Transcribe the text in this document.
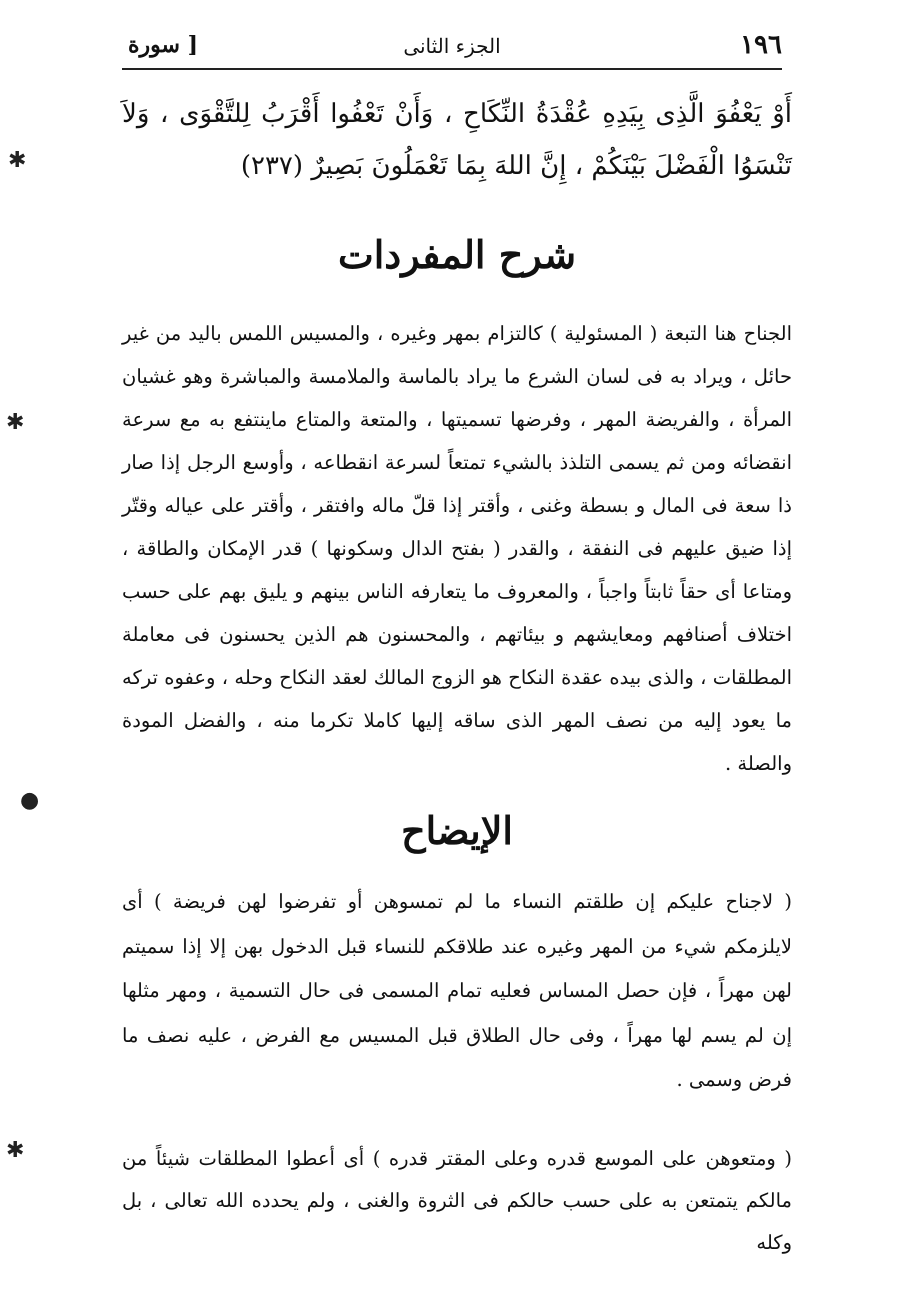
١٩٦
الجزء الثانى
[ سورة
أَوْ يَعْفُوَ الَّذِى بِيَدِهِ عُقْدَةُ النِّكَاحِ ، وَأَنْ تَعْفُوا أَقْرَبُ لِلتَّقْوَى ، وَلاَ تَنْسَوُا الْفَضْلَ بَيْنَكُمْ ، إِنَّ اللهَ بِمَا تَعْمَلُونَ بَصِيرٌ (٢٣٧)
شرح المفردات
الجناح هنا التبعة ( المسئولية ) كالتزام بمهر وغيره ، والمسيس اللمس باليد من غير حائل ، ويراد به فى لسان الشرع ما يراد بالماسة والملامسة والمباشرة وهو غشيان المرأة ، والفريضة المهر ، وفرضها تسميتها ، والمتعة والمتاع ماينتفع به مع سرعة انقضائه ومن ثم يسمى التلذذ بالشيء تمتعاً لسرعة انقطاعه ، وأوسع الرجل إذا صار ذا سعة فى المال و بسطة وغنى ، وأقتر إذا قلّ ماله وافتقر ، وأقتر على عياله وقتّر إذا ضيق عليهم فى النفقة ، والقدر ( بفتح الدال وسكونها ) قدر الإمكان والطاقة ، ومتاعا أى حقاً ثابتاً واجباً ، والمعروف ما يتعارفه الناس بينهم و يليق بهم على حسب اختلاف أصنافهم ومعايشهم و بيئاتهم ، والمحسنون هم الذين يحسنون فى معاملة المطلقات ، والذى بيده عقدة النكاح هو الزوج المالك لعقد النكاح وحله ، وعفوه تركه ما يعود إليه من نصف المهر الذى ساقه إليها كاملا تكرما منه ، والفضل المودة والصلة .
الإيضاح
( لاجناح عليكم إن طلقتم النساء ما لم تمسوهن أو تفرضوا لهن فريضة ) أى لايلزمكم شيء من المهر وغيره عند طلاقكم للنساء قبل الدخول بهن إلا إذا سميتم لهن مهراً ، فإن حصل المساس فعليه تمام المسمى فى حال التسمية ، ومهر مثلها إن لم يسم لها مهراً ، وفى حال الطلاق قبل المسيس مع الفرض ، عليه نصف ما فرض وسمى .
( ومتعوهن على الموسع قدره وعلى المقتر قدره ) أى أعطوا المطلقات شيئاً من مالكم يتمتعن به على حسب حالكم فى الثروة والغنى ، ولم يحدده الله تعالى ، بل وكله
✱
✱
●
✱
